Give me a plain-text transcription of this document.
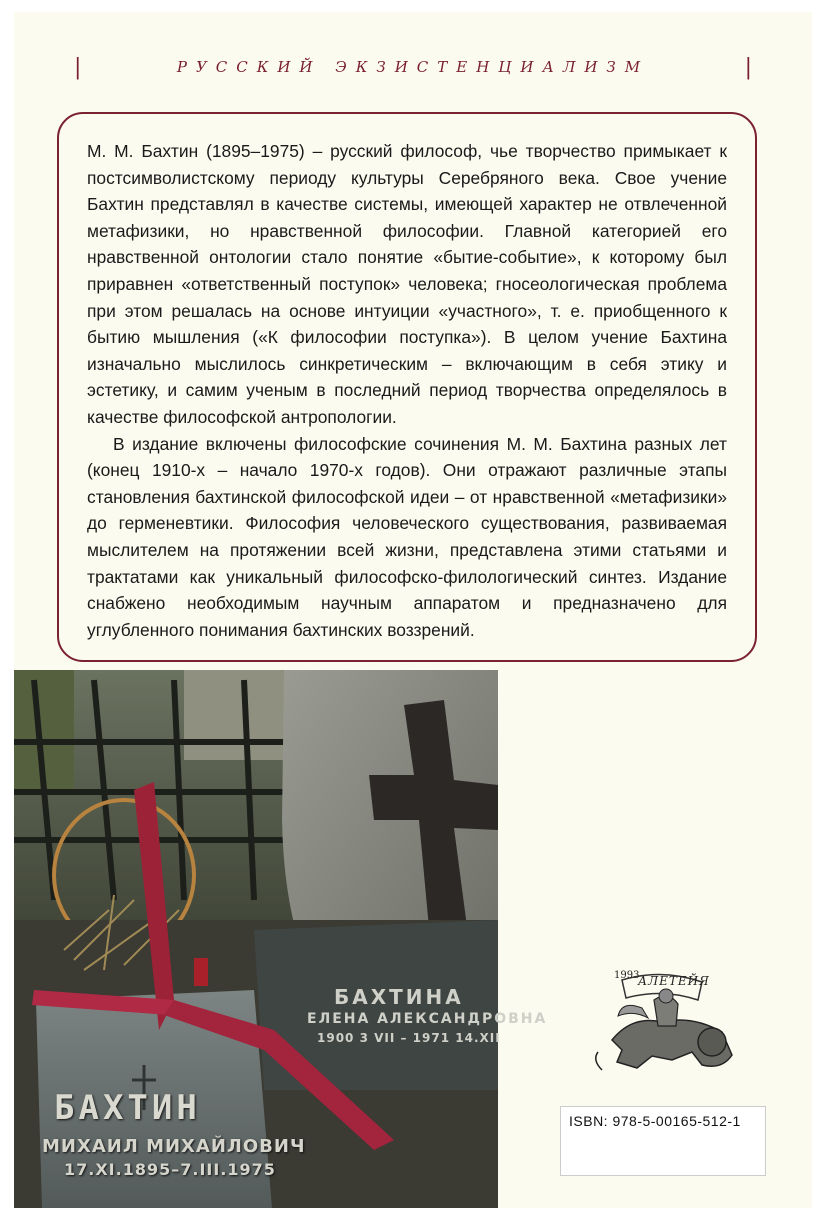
|	РУССКИЙ ЭКЗИСТЕНЦИАЛИЗМ	|

М. М. Бахтин (1895–1975) – русский философ, чье творчество примыкает к постсимволистскому периоду культуры Серебряного века. Свое учение Бахтин представлял в качестве системы, имеющей характер не отвлеченной метафизики, но нравственной философии. Главной категорией его нравственной онтологии стало понятие «бытие-событие», к которому был приравнен «ответственный поступок» человека; гносеологическая проблема при этом решалась на основе интуиции «участного», т. е. приобщенного к бытию мышления («К философии поступка»). В целом учение Бахтина изначально мыслилось синкретическим – включающим в себя этику и эстетику, и самим ученым в последний период творчества определялось в качестве философской антропологии.

В издание включены философские сочинения М. М. Бахтина разных лет (конец 1910-х – начало 1970-х годов). Они отражают различные этапы становления бахтинской философской идеи – от нравственной «метафизики» до герменевтики. Философия человеческого существования, развиваемая мыслителем на протяжении всей жизни, представлена этими статьями и трактатами как уникальный философско-филологический синтез. Издание снабжено необходимым научным аппаратом и предназначено для углубленного понимания бахтинских воззрений.

БАХТИН
МИХАИЛ МИХАЙЛОВИЧ
17.XI.1895–7.III.1975
БАХТИНА
ЕЛЕНА АЛЕКСАНДРОВНА
1900 3 VII – 1971 14.XII
1993
АЛЕТЕЙЯ
ISBN: 978-5-00165-512-1
